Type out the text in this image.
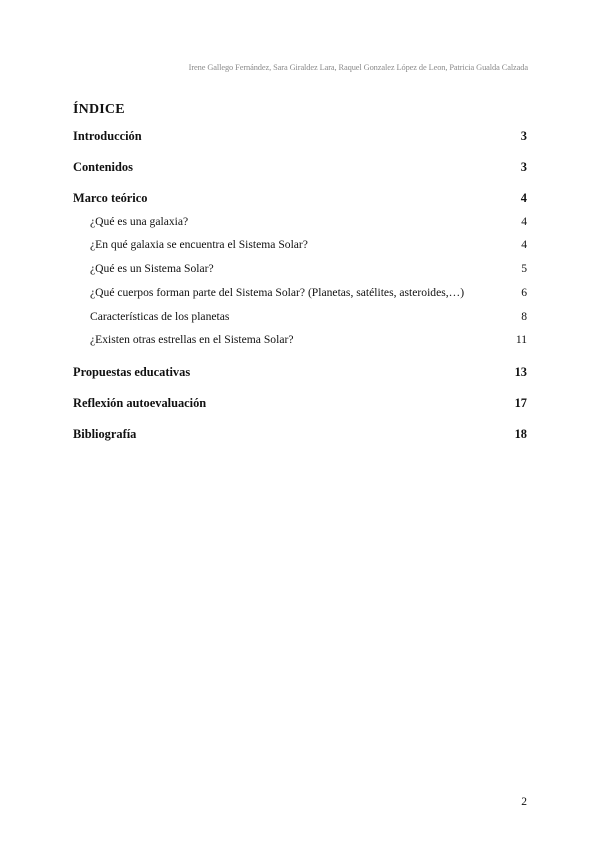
Irene Gallego Fernández, Sara Giraldez Lara, Raquel Gonzalez López de Leon, Patricia Gualda Calzada
ÍNDICE
Introducción	3
Contenidos	3
Marco teórico	4
¿Qué es una galaxia?	4
¿En qué galaxia se encuentra el Sistema Solar?	4
¿Qué es un Sistema Solar?	5
¿Qué cuerpos forman parte del Sistema Solar? (Planetas, satélites, asteroides,…)	6
Características de los planetas	8
¿Existen otras estrellas en el Sistema Solar?	11
Propuestas educativas	13
Reflexión autoevaluación	17
Bibliografía	18
2
